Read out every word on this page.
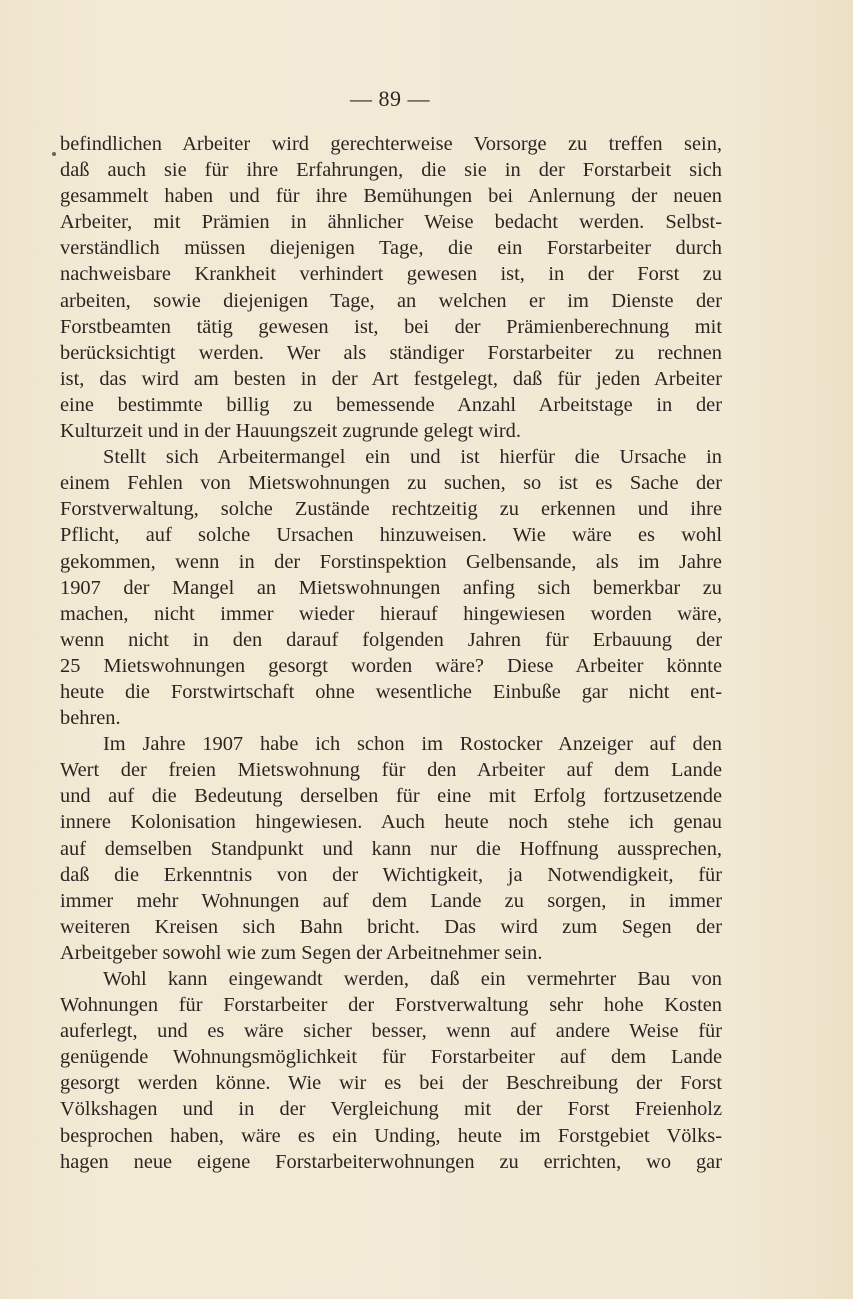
— 89 —
befindlichen Arbeiter wird gerechterweise Vorsorge zu treffen sein,
daß auch sie für ihre Erfahrungen, die sie in der Forstarbeit sich
gesammelt haben und für ihre Bemühungen bei Anlernung der neuen
Arbeiter, mit Prämien in ähnlicher Weise bedacht werden. Selbst-
verständlich müssen diejenigen Tage, die ein Forstarbeiter durch
nachweisbare Krankheit verhindert gewesen ist, in der Forst zu
arbeiten, sowie diejenigen Tage, an welchen er im Dienste der
Forstbeamten tätig gewesen ist, bei der Prämienberechnung mit
berücksichtigt werden. Wer als ständiger Forstarbeiter zu rechnen
ist, das wird am besten in der Art festgelegt, daß für jeden Arbeiter
eine bestimmte billig zu bemessende Anzahl Arbeitstage in der
Kulturzeit und in der Hauungszeit zugrunde gelegt wird.
Stellt sich Arbeitermangel ein und ist hierfür die Ursache in
einem Fehlen von Mietswohnungen zu suchen, so ist es Sache der
Forstverwaltung, solche Zustände rechtzeitig zu erkennen und ihre
Pflicht, auf solche Ursachen hinzuweisen. Wie wäre es wohl
gekommen, wenn in der Forstinspektion Gelbensande, als im Jahre
1907 der Mangel an Mietswohnungen anfing sich bemerkbar zu
machen, nicht immer wieder hierauf hingewiesen worden wäre,
wenn nicht in den darauf folgenden Jahren für Erbauung der
25 Mietswohnungen gesorgt worden wäre? Diese Arbeiter könnte
heute die Forstwirtschaft ohne wesentliche Einbuße gar nicht ent-
behren.
Im Jahre 1907 habe ich schon im Rostocker Anzeiger auf den
Wert der freien Mietswohnung für den Arbeiter auf dem Lande
und auf die Bedeutung derselben für eine mit Erfolg fortzusetzende
innere Kolonisation hingewiesen. Auch heute noch stehe ich genau
auf demselben Standpunkt und kann nur die Hoffnung aussprechen,
daß die Erkenntnis von der Wichtigkeit, ja Notwendigkeit, für
immer mehr Wohnungen auf dem Lande zu sorgen, in immer
weiteren Kreisen sich Bahn bricht. Das wird zum Segen der
Arbeitgeber sowohl wie zum Segen der Arbeitnehmer sein.
Wohl kann eingewandt werden, daß ein vermehrter Bau von
Wohnungen für Forstarbeiter der Forstverwaltung sehr hohe Kosten
auferlegt, und es wäre sicher besser, wenn auf andere Weise für
genügende Wohnungsmöglichkeit für Forstarbeiter auf dem Lande
gesorgt werden könne. Wie wir es bei der Beschreibung der Forst
Völkshagen und in der Vergleichung mit der Forst Freienholz
besprochen haben, wäre es ein Unding, heute im Forstgebiet Völks-
hagen neue eigene Forstarbeiterwohnungen zu errichten, wo gar
